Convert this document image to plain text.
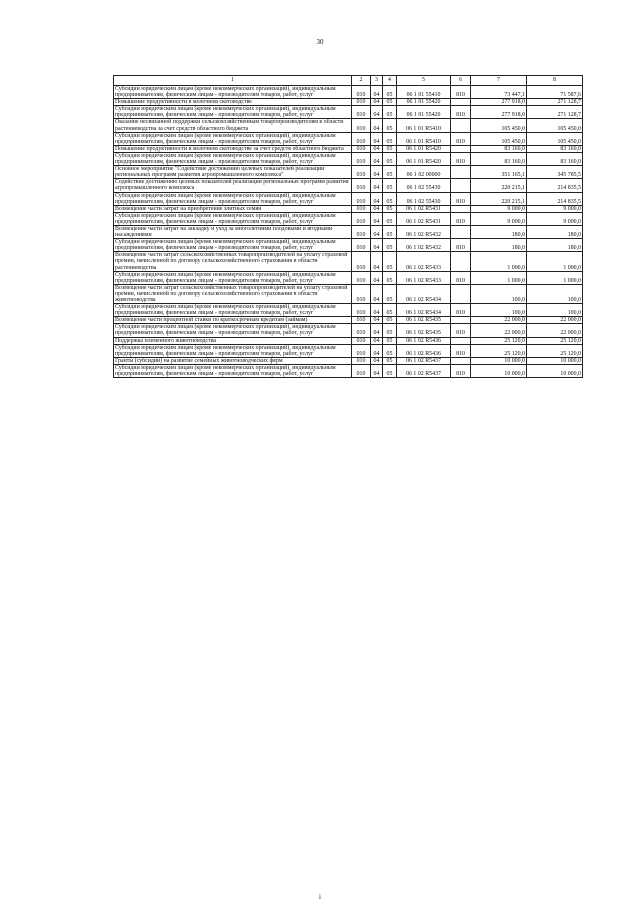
30
1	2	3	4	5	6	7	8
Субсидии юридическим лицам (кроме некоммерческих организаций), индивидуальным предпринимателям, физическим лицам - производителям товаров, работ, услуг	010	04	05	06 1 01 55410	810	73 447,1	71 587,6
Повышение продуктивности в молочном скотоводстве	010	04	05	06 1 01 55420		277 918,0	271 128,7
Субсидии юридическим лицам (кроме некоммерческих организаций), индивидуальным предпринимателям, физическим лицам - производителям товаров, работ, услуг	010	04	05	06 1 01 55420	810	277 918,0	271 128,7
Оказание несвязанной поддержки сельскохозяйственным товаропроизводителям в области растениеводства за счет средств областного бюджета	010	04	05	06 1 01 R5410		105 450,0	105 450,0
Субсидии юридическим лицам (кроме некоммерческих организаций), индивидуальным предпринимателям, физическим лицам - производителям товаров, работ, услуг	010	04	05	06 1 01 R5410	810	105 450,0	105 450,0
Повышение продуктивности в молочном скотоводстве за счет средств областного бюджета	010	04	05	06 1 01 R5420		83 160,0	83 160,0
Субсидии юридическим лицам (кроме некоммерческих организаций), индивидуальным предпринимателям, физическим лицам - производителям товаров, работ, услуг	010	04	05	06 1 01 R5420	810	83 160,0	83 160,0
Основное мероприятие "Содействие достижению целевых показателей реализации региональных программ развития агропромышленного комплекса"	010	04	05	06 1 02 00000		351 165,1	345 785,5
Содействие достижению целевых показателей реализации региональных программ развития агропромышленного комплекса	010	04	05	06 1 02 55430		220 215,1	214 835,5
Субсидии юридическим лицам (кроме некоммерческих организаций), индивидуальным предпринимателям, физическим лицам - производителям товаров, работ, услуг	010	04	05	06 1 02 55430	810	220 215,1	214 835,5
Возмещение части затрат на приобретение элитных семян	010	04	05	06 1 02 R5431		9 000,0	9 000,0
Субсидии юридическим лицам (кроме некоммерческих организаций), индивидуальным предпринимателям, физическим лицам - производителям товаров, работ, услуг	010	04	05	06 1 02 R5431	810	9 000,0	9 000,0
Возмещение части затрат на закладку и уход за многолетними плодовыми и ягодными насаждениями	010	04	05	06 1 02 R5432		180,0	180,0
Субсидии юридическим лицам (кроме некоммерческих организаций), индивидуальным предпринимателям, физическим лицам - производителям товаров, работ, услуг	010	04	05	06 1 02 R5432	810	180,0	180,0
Возмещение части затрат сельскохозяйственных товаропроизводителей на уплату страховой премии, начисленной по договору сельскохозяйственного страхования в области растениеводства	010	04	05	06 1 02 R5433		1 000,0	1 000,0
Субсидии юридическим лицам (кроме некоммерческих организаций), индивидуальным предпринимателям, физическим лицам - производителям товаров, работ, услуг	010	04	05	06 1 02 R5433	810	1 000,0	1 000,0
Возмещение части затрат сельскохозяйственных товаропроизводителей на уплату страховой премии, начисленной по договору сельскохозяйственного страхования в области животноводства	010	04	05	06 1 02 R5434		100,0	100,0
Субсидии юридическим лицам (кроме некоммерческих организаций), индивидуальным предпринимателям, физическим лицам - производителям товаров, работ, услуг	010	04	05	06 1 02 R5434	810	100,0	100,0
Возмещение части процентной ставки по краткосрочным кредитам (займам)	010	04	05	06 1 02 R5435		22 000,0	22 000,0
Субсидии юридическим лицам (кроме некоммерческих организаций), индивидуальным предпринимателям, физическим лицам - производителям товаров, работ, услуг	010	04	05	06 1 02 R5435	810	22 000,0	22 000,0
Поддержка племенного животноводства	010	04	05	06 1 02 R5436		25 120,0	25 120,0
Субсидии юридическим лицам (кроме некоммерческих организаций), индивидуальным предпринимателям, физическим лицам - производителям товаров, работ, услуг	010	04	05	06 1 02 R5436	810	25 120,0	25 120,0
Гранты (субсидии) на развитие семейных животноводческих ферм	010	04	05	06 1 02 R5437		10 000,0	10 000,0
Субсидии юридическим лицам (кроме некоммерческих организаций), индивидуальным предпринимателям, физическим лицам - производителям товаров, работ, услуг	010	04	05	06 1 02 R5437	810	10 000,0	10 000,0
i
